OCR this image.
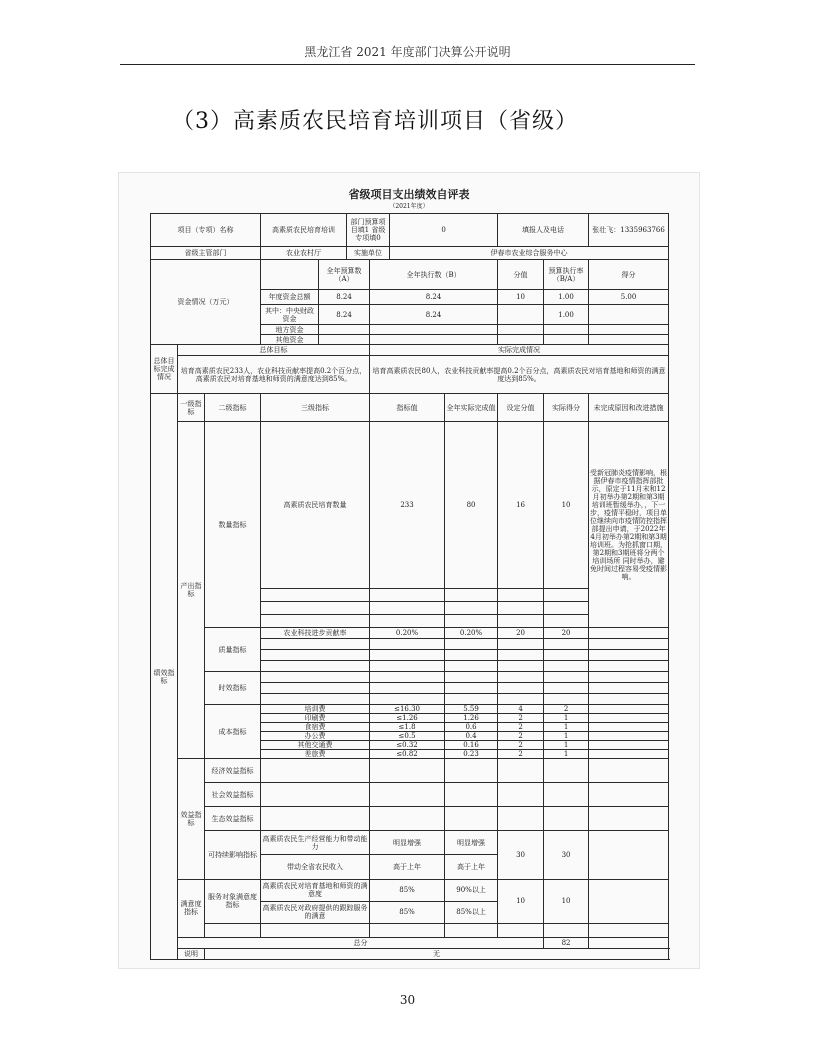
黑龙江省 2021 年度部门决算公开说明
（3）高素质农民培育培训项目（省级）
省级项目支出绩效自评表
（2021年度）
项目（专项）名称			高素质农民培育培训		部门预算项目填1 省级专项填0		0		填报人及电话		张壮飞：1335963766
省级主管部门			农业农村厅		实施单位		伊春市农业综合服务中心				
资金情况（万元）				全年预算数（A）		全年执行数（B）			分值	预算执行率（B/A）	得分
			年度资金总额	8.24		8.24			10	1.00	5.00
			其中：中央财政资金	8.24		8.24				1.00	
			地方资金								
			其他资金								
总体目标完成情况	总体目标					实际完成情况					
	培育高素质农民233人，农业科技贡献率提高0.2个百分点，高素质农民对培育基地和师资的满意度达到85%。					培育高素质农民80人，农业科技贡献率提高0.2个百分点，高素质农民对培育基地和师资的满意度达到85%。					
绩效指标	一级指标	二级指标	三级指标			指标值		全年实际完成值	设定分值	实际得分	未完成原因和改进措施
	产出指标	数量指标	高素质农民培育数量			233		80	16	10	受新冠肺炎疫情影响，根据伊春市疫情指挥部批示，原定于11月末和12月初举办第2期和第3期培训班暂缓举办，，下一步，疫情平稳时，项目单位继续向市疫情防控指挥部提出申请，于2022年4月初举办第2期和第3期培训班。为抢抓窗口期，第2期和3期班将分两个培训场所 同时举办，避免时间过程容易受疫情影响。

		质量指标	农业科技进步贡献率			0.20%		0.20%	20	20	

		时效指标									

		成本指标	培训费			≤16.30		5.59	4	2	
			印刷费			≤1.26		1.26	2	1	
			食宿费			≤1.8		0.6	2	1	
			办公费			≤0.5		0.4	2	1	
			其他交通费			≤0.32		0.16	2	1	
			差旅费			≤0.82		0.23	2	1	
	效益指标	经济效益指标									
		社会效益指标									
		生态效益指标									
		可持续影响指标	高素质农民生产经营能力和带动能力			明显增强		明显增强	30	30	
			带动全省农民收入			高于上年		高于上年			
	满意度指标	服务对象满意度指标	高素质农民对培育基地和师资的满意度			85%		90%以上	10	10	
			高素质农民对政府提供的跟踪服务的满意			85%		85%以上			

	总分									82	
	说明	无									
30
